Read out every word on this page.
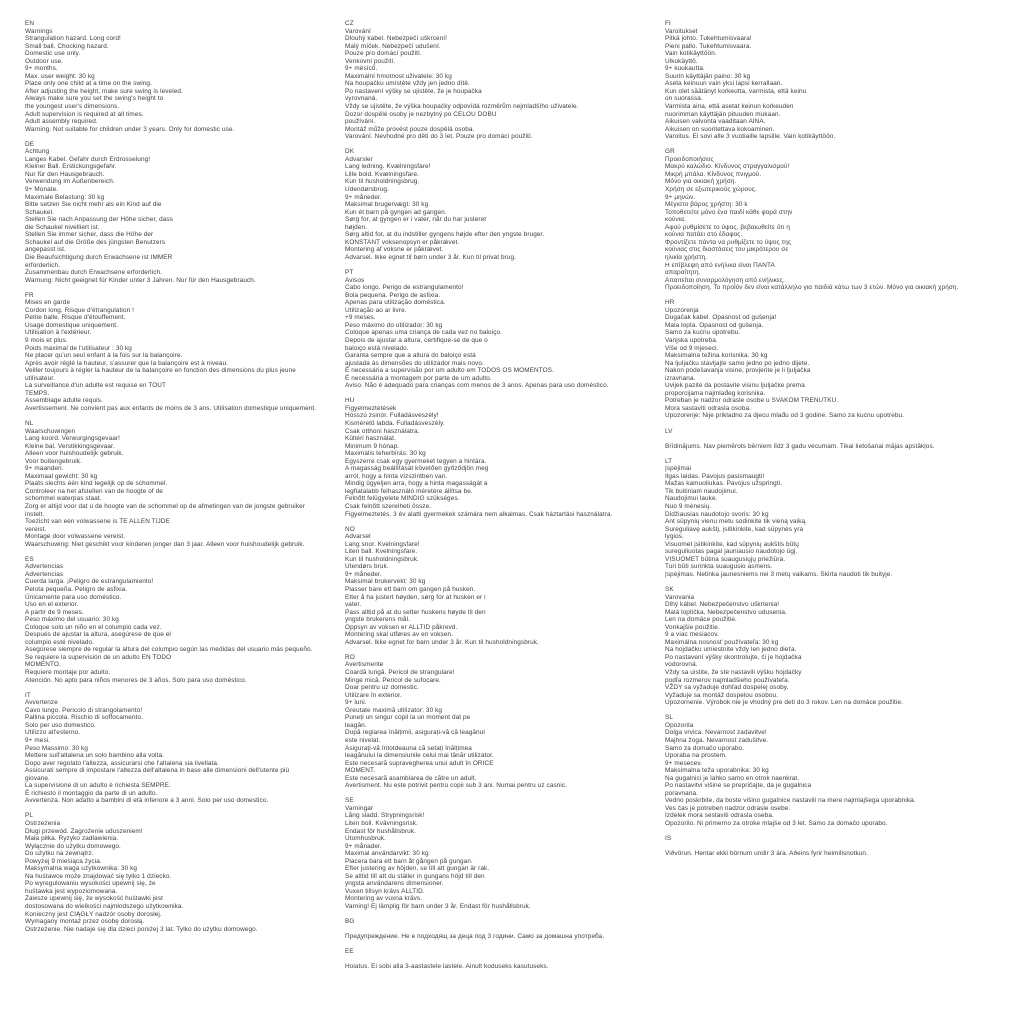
EN
Warnings
Strangulation hazard. Long cord!
Small ball. Chocking hazard.
Domestic use only.
Outdoor use.
9+ months.
Max. user weight: 30 kg
Place only one child at a time on the swing.
After adjusting the height, make sure swing is leveled.
Always make sure you set the swing's height to
the youngest user's dimensions.
Adult supervision is required at all times.
Adult assembly required.
Warning. Not suitable for children under 3 years. Only for domestic use.
DE
Achtung
Langes Kabel. Gefahr durch Erdrosselung!
Kleiner Ball. Erstickungsgefahr.
Nur für den Hausgebrauch.
Verwendung im Außenbereich.
9+ Monate.
Maximale Belastung: 30 kg
Bitte setzen Sie nicht mehr als ein Kind auf die
Schaukel.
Stellen Sie nach Anpassung der Höhe sicher, dass
die Schaukel nivelliert ist.
Stellen Sie immer sicher, dass die Höhe der
Schaukel auf die Größe des jüngsten Benutzers
angepasst ist.
Die Beaufsichtigung durch Erwachsene ist IMMER
erforderlich.
Zusammenbau durch Erwachsene erforderlich.
Warnung: Nicht geeignet für Kinder unter 3 Jahren. Nur für den Hausgebrauch.
FR
Mises en garde
Cordon long. Risque d'étrangulation !
Petite balle. Risque d'étouffement.
Usage domestique uniquement.
Utilisation à l'extérieur.
9 mois et plus.
Poids maximal de l'utilisateur : 30 kg
Ne placer qu'un seul enfant à la fois sur la balançoire.
Après avoir réglé la hauteur, s'assurer que la balançoire est à niveau.
Veiller toujours à régler la hauteur de la balançoire en fonction des dimensions du plus jeune
utilisateur.
La surveillance d'un adulte est requise en TOUT
TEMPS.
Assemblage adulte requis.
Avertissement. Ne convient pas aux enfants de moins de 3 ans. Utilisation domestique uniquement.
NL
Waarschuwingen
Lang koord. Verwurgingsgevaar!
Kleine bal. Verstikkingsgevaar.
Alleen voor huishoudelijk gebruik.
Voor buitengebruik.
9+ maanden.
Maximaal gewicht: 30 kg
Plaats slechts één kind tegelijk op de schommel.
Controleer na het afstellen van de hoogte of de
schommel waterpas staat.
Zorg er altijd voor dat u de hoogte van de schommel op de afmetingen van de jongste gebruiker
instelt.
Toezicht van een volwassene is TE ALLEN TIJDE
vereist.
Montage door volwassene vereist.
Waarschuwing: Niet geschikt voor kinderen jonger dan 3 jaar. Alleen voor huishoudelijk gebruik.
ES
Advertencias
Advertencias
Cuerda larga. ¡Peligro de estrangulamiento!
Pelota pequeña. Peligro de asfixia.
Únicamente para uso doméstico.
Uso en el exterior.
A partir de 9 meses.
Peso máximo del usuario: 30 kg
Coloque solo un niño en el columpio cada vez.
Después de ajustar la altura, asegúrese de que el
columpio esté nivelado.
Asegúrese siempre de regular la altura del columpio según las medidas del usuario más pequeño.
Se requiere la supervisión de un adulto EN TODO
MOMENTO.
Requiere montaje por adulto.
Atención. No apto para niños menores de 3 años. Solo para uso doméstico.
IT
Avvertenze
Cavo lungo. Pericolo di strangolamento!
Pallina piccola. Rischio di soffocamento.
Solo per uso domestico.
Utilizzo all'esterno.
9+ mesi.
Peso Massimo: 30 kg
Mettere sull'altalena un solo bambino alla volta.
Dopo aver regolato l'altezza, assicurarsi che l'altalena sia livellata.
Assicurati sempre di impostare l'altezza dell'altalena in base alle dimensioni dell'utente più
giovane.
La supervisione di un adulto è richiesta SEMPRE.
È richiesto il montaggio da parte di un adulto.
Avvertenza. Non adatto a bambini di età inferiore a 3 anni. Solo per uso domestico.
PL
Ostrzeżenia
Długi przewód. Zagrożenie uduszeniem!
Mała piłka. Ryzyko zadławienia.
Wyłącznie do użytku domowego.
Do użytku na zewnątrz.
Powyżej 9 miesiąca życia.
Maksymalna waga użytkownika: 30 kg
Na huśtawce może znajdować się tylko 1 dziecko.
Po wyregulowaniu wysokości upewnij się, że
huśtawka jest wypoziomowana.
Zawsze upewnij się, że wysokość huśtawki jest
dostosowana do wielkości najmłodszego użytkownika.
Konieczny jest CIĄGŁY nadzór osoby dorosłej.
Wymagany montaż przez osobę dorosłą.
Ostrzeżenie. Nie nadaje się dla dzieci poniżej 3 lat. Tylko do użytku domowego.
CZ
Varování
Dlouhý kabel. Nebezpečí uškrcení!
Malý míček. Nebezpečí udušení.
Pouze pro domácí použití.
Venkovní použití.
9+ měsíců.
Maximální hmotnost uživatele: 30 kg
Na houpačku umístěte vždy jen jedno dítě.
Po nastavení výšky se ujistěte, že je houpačka
vyrovnaná.
Vždy se ujistěte, že výška houpačky odpovídá rozměrům nejmladšího uživatele.
Dozor dospělé osoby je nezbytný po CELOU DOBU
používání.
Montáž může provést pouze dospělá osoba.
Varování. Nevhodné pro děti do 3 let. Pouze pro domácí použití.
DK
Advarsler
Lang ledning. Kvælningsfare!
Lille bold. Kvælningsfare.
Kun til husholdningsbrug.
Udendørsbrug.
9+ måneder.
Maksimal brugervægt: 30 kg
Kun ét barn på gyngen ad gangen.
Sørg for, at gyngen er i vater, når du har justeret
højden.
Sørg altid for, at du indstiller gyngens højde efter den yngste bruger.
KONSTANT voksenopsyn er påkrævet.
Montering af voksne er påkrævet.
Advarsel. Ikke egnet til børn under 3 år. Kun til privat brug.
PT
Avisos
Cabo longo. Perigo de estrangulamento!
Bola pequena. Perigo de asfixia.
Apenas para utilização doméstica.
Utilização ao ar livre.
+9 meses.
Peso máximo do utilizador: 30 kg
Coloque apenas uma criança de cada vez no baloiço.
Depois de ajustar a altura, certifique-se de que o
baloiço está nivelado.
Garanta sempre que a altura do baloiço está
ajustada às dimensões do utilizador mais novo.
É necessária a supervisão por um adulto em TODOS OS MOMENTOS.
É necessária a montagem por parte de um adulto.
Aviso. Não é adequado para crianças com menos de 3 anos. Apenas para uso doméstico.
HU
Figyelmeztetések
Hosszú zsinór. Fulladásveszély!
Kisméretű labda. Fulladásveszély.
Csak otthoni használatra.
Kültéri használat.
Minimum 9 hónap.
Maximális teherbírás: 30 kg
Egyszerre csak egy gyermeket tegyen a hintára.
A magasság beállítását követően győződjön meg
arról, hogy a hinta vízszintben van.
Mindig ügyeljen arra, hogy a hinta magasságát a
legfiatalabb felhasználó méretére állítsa be.
Felnőtt felügyelete MINDIG szükséges.
Csak felnőtt szerelheti össze.
Figyelmeztetés. 3 év alatti gyermekek számára nem alkalmas. Csak háztartási használatra.
NO
Advarsel
Lang snor. Kvelningsfare!
Liten ball. Kvelningsfare.
Kun til husholdningsbruk.
Utendørs bruk.
9+ måneder.
Maksimal brukervekt: 30 kg
Plasser bare ett barn om gangen på husken.
Etter å ha justert høyden, sørg for at husken er i
vater.
Pass alltid på at du setter huskens høyde til den
yngste brukerens mål.
Oppsyn av voksen er ALLTID påkrevd.
Montering skal utføres av en voksen.
Advarsel. Ikke egnet for barn under 3 år. Kun til husholdningsbruk.
RO
Avertismente
Coardă lungă. Pericol de strangulare!
Minge mică. Pericol de sufocare.
Doar pentru uz domestic.
Utilizare în exterior.
9+ luni.
Greutate maximă utilizator: 30 kg
Puneți un singur copil la un moment dat pe
leagăn.
După reglarea înălțimii, asigurați-vă că leagănul
este nivelat.
Asigurați-vă întotdeauna că setați înălțimea
leagănului la dimensiunile celui mai tânăr utilizator.
Este necesară supravegherea unui adult în ORICE
MOMENT.
Este necesară asamblarea de către un adult.
Avertisment. Nu este potrivit pentru copii sub 3 ani. Numai pentru uz casnic.
SE
Varningar
Lång sladd. Strypningsrisk!
Liten boll. Kvävningsrisk.
Endast för hushållsbruk.
Utomhusbruk.
9+ månader.
Maximal användarvikt: 30 kg
Placera bara ett barn åt gången på gungan.
Efter justering av höjden, se till att gungan är rak.
Se alltid till att du ställer in gungans höjd till den
yngsta användarens dimensioner.
Vuxen tillsyn krävs ALLTID.
Montering av vuxna krävs.
Varning! Ej lämplig för barn under 3 år. Endast för hushållsbruk.
BG
Предупреждение. Не е подходящ за деца под 3 години. Само за домашна употреба.
EE
Hoiatus. Ei sobi alla 3-aastastele lastele. Ainult koduseks kasutuseks.
FI
Varoitukset
Pitkä johto. Tukehtumisvaara!
Pieni pallo. Tukehtumisvaara.
Vain kotikäyttöön.
Ulkokäyttö.
9+ kuukautta.
Suurin käyttäjän paino: 30 kg
Aseta keinuun vain yksi lapsi kerrallaan.
Kun olet säätänyt korkeutta, varmista, että keinu
on suorassa.
Varmista aina, että asetat keinun korkeuden
nuorimman käyttäjän pituuden mukaan.
Aikuisen valvonta vaaditaan AINA.
Aikuisen on suoritettava kokoaminen.
Varoitus. Ei sovi alle 3 vuotiaille lapsille. Vain kotikäyttöön.
GR
Προειδοποιήσεις
Μακρύ καλώδιο. Κίνδυνος στραγγαλισμού!
Μικρή μπάλα. Κίνδυνος πνιγμού.
Μόνο για οικιακή χρήση.
Χρήση σε εξωτερικούς χώρους.
9+ μηνών.
Μέγιστο βάρος χρήστη: 30 k
Τοποθετείτε μόνο ένα παιδί κάθε φορά στην
κούνια.
Αφού ρυθμίσετε το ύψος, βεβαιωθείτε ότι η
κούνια πατάει στο έδαφος.
Φροντίζετε πάντα να ρυθμίζετε το ύψος της
κούνιας στις διαστάσεις του μικρότερου σε
ηλικία χρήστη.
Η επίβλεψη από ενήλικα είναι ΠΑΝΤΑ
απαραίτητη.
Απαιτείται συναρμολόγηση από ενήλικες.
Προειδοποίηση. Το προϊόν δεν είναι κατάλληλο για παιδιά κάτω των 3 ετών. Μόνο για οικιακή χρήση.
HR
Upozorenja
Dugačak kabel. Opasnost od gušenja!
Mala lopta. Opasnost od gušenja.
Samo za kućnu upotrebu.
Vanjska upotreba.
Više od 9 mjeseci.
Maksimalna težina korisnika: 30 kg
Na ljuljačku stavljajte samo jedno po jedno dijete.
Nakon podešavanja visine, provjerite je li ljuljačka
izravnana.
Uvijek pazite da postavite visinu ljuljačke prema
proporcijama najmlađeg korisnika.
Potreban je nadzor odrasle osobe u SVAKOM TRENUTKU.
Mora sastaviti odrasla osoba.
Upozorenje: Nije prikladno za djecu mlađu od 3 godine. Samo za kućnu upotrebu.
LV
Brīdinājums. Nav piemērots bērniem līdz 3 gadu vecumam. Tikai lietošanai mājas apstākļos.
LT
Įspėjimai
Ilgas laidas. Pavojus pasismaugti!
Mažas kamuoliukas. Pavojus užspringti.
Tik buitiniam naudojimui.
Naudojimui lauke.
Nuo 9 mėnesių.
Didžiausias naudotojo svoris: 30 kg
Ant sūpynių vienu metu sodinkite tik vieną vaiką.
Sureguliavę aukštį, įsitikinkite, kad sūpynės yra
lygios.
Visuomet įsitikinkite, kad sūpynių aukštis būtų
sureguliuotas pagal jauniausio naudotojo ūgį.
VISUOMET būtina suaugusiųjų priežiūra.
Turi būti surinkta suaugusio asmens.
Įspėjimas. Netinka jaunesniems nei 3 metų vaikams. Skirta naudoti tik buityje.
SK
Varovania
Dlhý kábel. Nebezpečenstvo uškrtenia!
Malá loptička. Nebezpečenstvo udusenia.
Len na domáce použitie.
Vonkajšie použitie.
9 a viac mesiacov.
Maximálna nosnosť používateľa: 30 kg
Na hojdačku umiestnite vždy len jedno dieťa.
Po nastavení výšky skontrolujte, či je hojdačka
vodorovná.
Vždy sa uistite, že ste nastavili výšku hojdačky
podľa rozmerov najmladšieho používateľa.
VŽDY sa vyžaduje dohľad dospelej osoby.
Vyžaduje sa montáž dospelou osobou.
Upozornenie. Výrobok nie je vhodný pre deti do 3 rokov. Len na domáce použitie.
SL
Opozorila
Dolga vrvica. Nevarnost zadavitve!
Majhna žoga. Nevarnost zadušitve.
Samo za domačo uporabo.
Uporaba na prostem.
9+ mesecev.
Maksimalna teža uporabnika: 30 kg
Na gugalnici je lahko samo en otrok naenkrat.
Po nastavitvi višine se prepričajte, da je gugalnica
poravnana.
Vedno poskrbite, da boste višino gugalnice nastavili na mere najmlajšega uporabnika.
Ves čas je potreben nadzor odrasle osebe.
Izdelek mora sestaviti odrasla oseba.
Opozorilo. Ni primerno za otroke mlajše od 3 let. Samo za domačo uporabo.
IS
Viðvörun. Hentar ekki börnum undir 3 ára. Aðeins fyrir heimilisnotkun.
